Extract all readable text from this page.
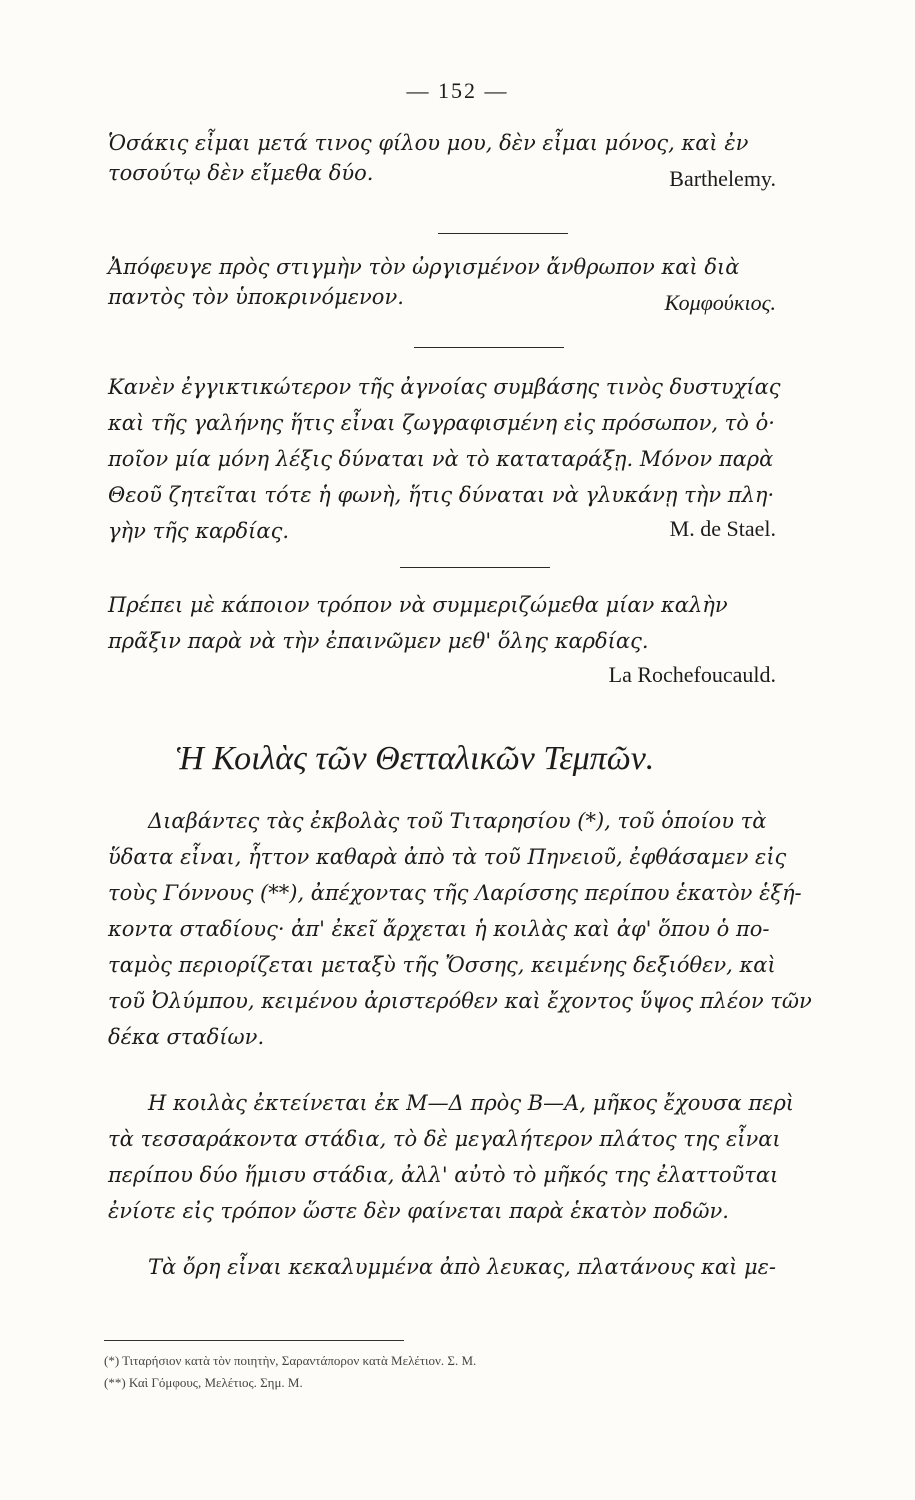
— 152 —
Ὁσάκις εἶμαι μετά τινος φίλου μου, δὲν εἶμαι μόνος, καὶ ἐν
τοσούτῳ δὲν εἴμεθα δύο.	Barthelemy.
Ἀπόφευγε πρὸς στιγμὴν τὸν ὠργισμένον ἄνθρωπον καὶ διὰ
παντὸς τὸν ὑποκρινόμενον.	Κομφούκιος.
Κανὲν ἐγγικτικώτερον τῆς ἀγνοίας συμβάσης τινὸς δυστυχίας
καὶ τῆς γαλήνης ἥτις εἶναι ζωγραφισμένη εἰς πρόσωπον, τὸ ὁ·
ποῖον μία μόνη λέξις δύναται νὰ τὸ καταταράξῃ. Μόνον παρὰ
Θεοῦ ζητεῖται τότε ἡ φωνὴ, ἥτις δύναται νὰ γλυκάνῃ τὴν πλη·
γὴν τῆς καρδίας.	M. de Stael.
Πρέπει μὲ κάποιον τρόπον νὰ συμμεριζώμεθα μίαν καλὴν
πρᾶξιν παρὰ νὰ τὴν ἐπαινῶμεν μεθ' ὅλης καρδίας.
La Rochefoucauld.
Ἡ Κοιλὰς τῶν Θετταλικῶν Τεμπῶν.
Διαβάντες τὰς ἐκβολὰς τοῦ Τιταρησίου (*), τοῦ ὁποίου τὰ
ὕδατα εἶναι, ἧττον καθαρὰ ἀπὸ τὰ τοῦ Πηνειοῦ, ἐφθάσαμεν εἰς
τοὺς Γόννους (**), ἀπέχοντας τῆς Λαρίσσης περίπου ἑκατὸν ἑξή-
κοντα σταδίους· ἀπ' ἐκεῖ ἄρχεται ἡ κοιλὰς καὶ ἀφ' ὅπου ὁ πο-
ταμὸς περιορίζεται μεταξὺ τῆς Ὄσσης, κειμένης δεξιόθεν, καὶ
τοῦ Ὀλύμπου, κειμένου ἀριστερόθεν καὶ ἔχοντος ὕψος πλέον τῶν
δέκα σταδίων.
Η κοιλὰς ἐκτείνεται ἐκ Μ—Δ πρὸς Β—Α, μῆκος ἔχουσα περὶ
τὰ τεσσαράκοντα στάδια, τὸ δὲ μεγαλήτερον πλάτος της εἶναι
περίπου δύο ἥμισυ στάδια, ἀλλ' αὐτὸ τὸ μῆκός της ἐλαττοῦται
ἐνίοτε εἰς τρόπον ὥστε δὲν φαίνεται παρὰ ἑκατὸν ποδῶν.
Τὰ ὄρη εἶναι κεκαλυμμένα ἀπὸ λευκας, πλατάνους καὶ με-
(*) Τιταρήσιον κατὰ τὸν ποιητὴν, Σαραντάπορον κατὰ Μελέτιον. Σ. Μ.
(**) Καὶ Γόμφους, Μελέτιος. Σημ. Μ.
